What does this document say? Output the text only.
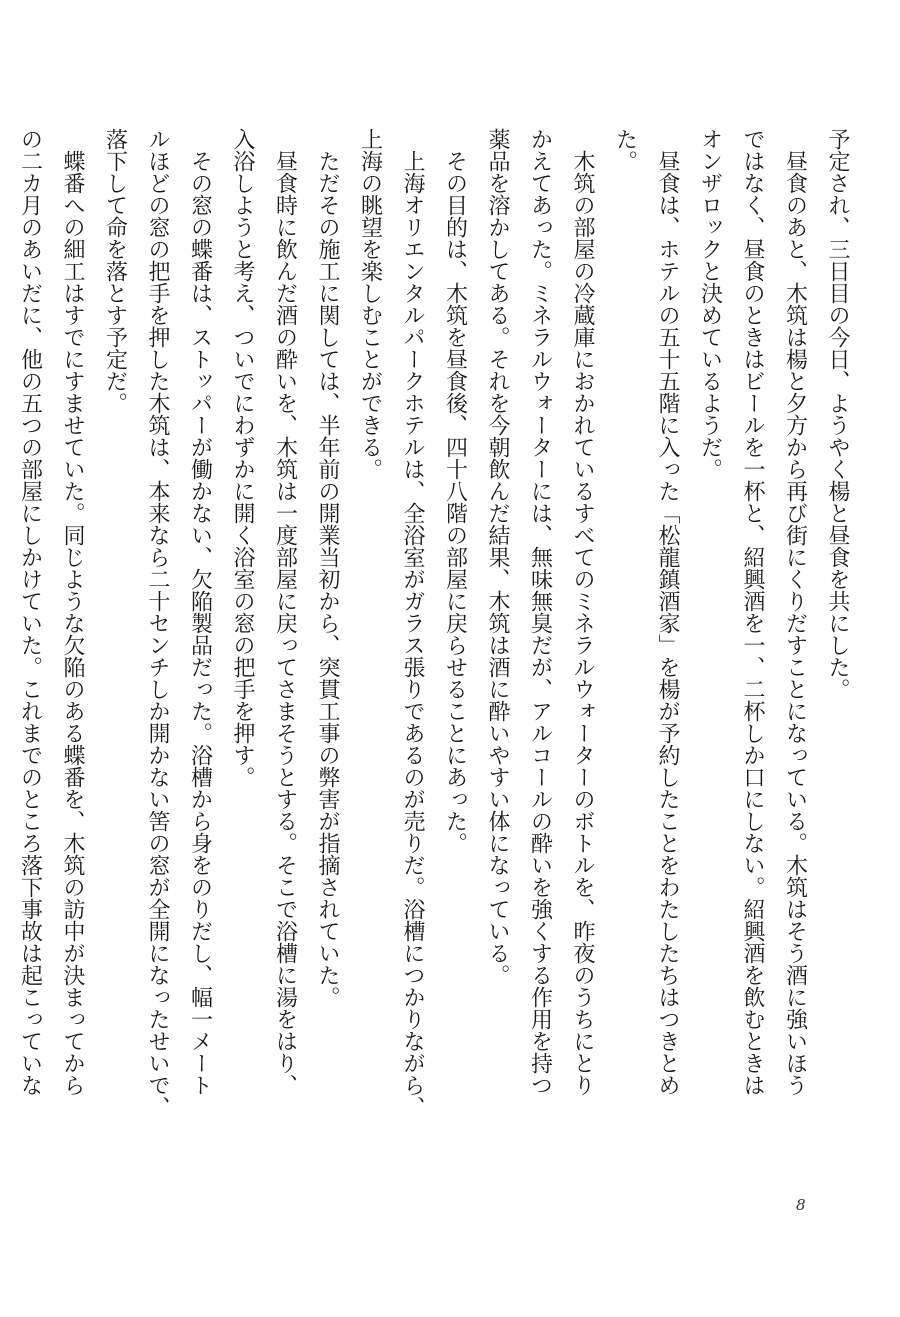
予定され、三日目の今日、ようやく楊と昼食を共にした。

　昼食のあと、木筑は楊と夕方から再び街にくりだすことになっている。木筑はそう酒に強いほう

ではなく、昼食のときはビールを一杯と、紹興酒を一、二杯しか口にしない。紹興酒を飲むときは

オンザロックと決めているようだ。

　昼食は、ホテルの五十五階に入った「松龍鎮酒家」を楊が予約したことをわたしたちはつきとめ

た。

　木筑の部屋の冷蔵庫におかれているすべてのミネラルウォーターのボトルを、昨夜のうちにとり

かえてあった。ミネラルウォーターには、無味無臭だが、アルコールの酔いを強くする作用を持つ

薬品を溶かしてある。それを今朝飲んだ結果、木筑は酒に酔いやすい体になっている。

　その目的は、木筑を昼食後、四十八階の部屋に戻らせることにあった。

　上海オリエンタルパークホテルは、全浴室がガラス張りであるのが売りだ。浴槽につかりながら、

上海の眺望を楽しむことができる。

　ただその施工に関しては、半年前の開業当初から、突貫工事の弊害が指摘されていた。

　昼食時に飲んだ酒の酔いを、木筑は一度部屋に戻ってさまそうとする。そこで浴槽に湯をはり、

入浴しようと考え、ついでにわずかに開く浴室の窓の把手を押す。

　その窓の蝶番は、ストッパーが働かない、欠陥製品だった。浴槽から身をのりだし、幅一メート

ルほどの窓の把手を押した木筑は、本来なら二十センチしか開かない筈の窓が全開になったせいで、

落下して命を落とす予定だ。

　蝶番への細工はすでにすませていた。同じような欠陥のある蝶番を、木筑の訪中が決まってから

の二カ月のあいだに、他の五つの部屋にしかけていた。これまでのところ落下事故は起こっていな

8
